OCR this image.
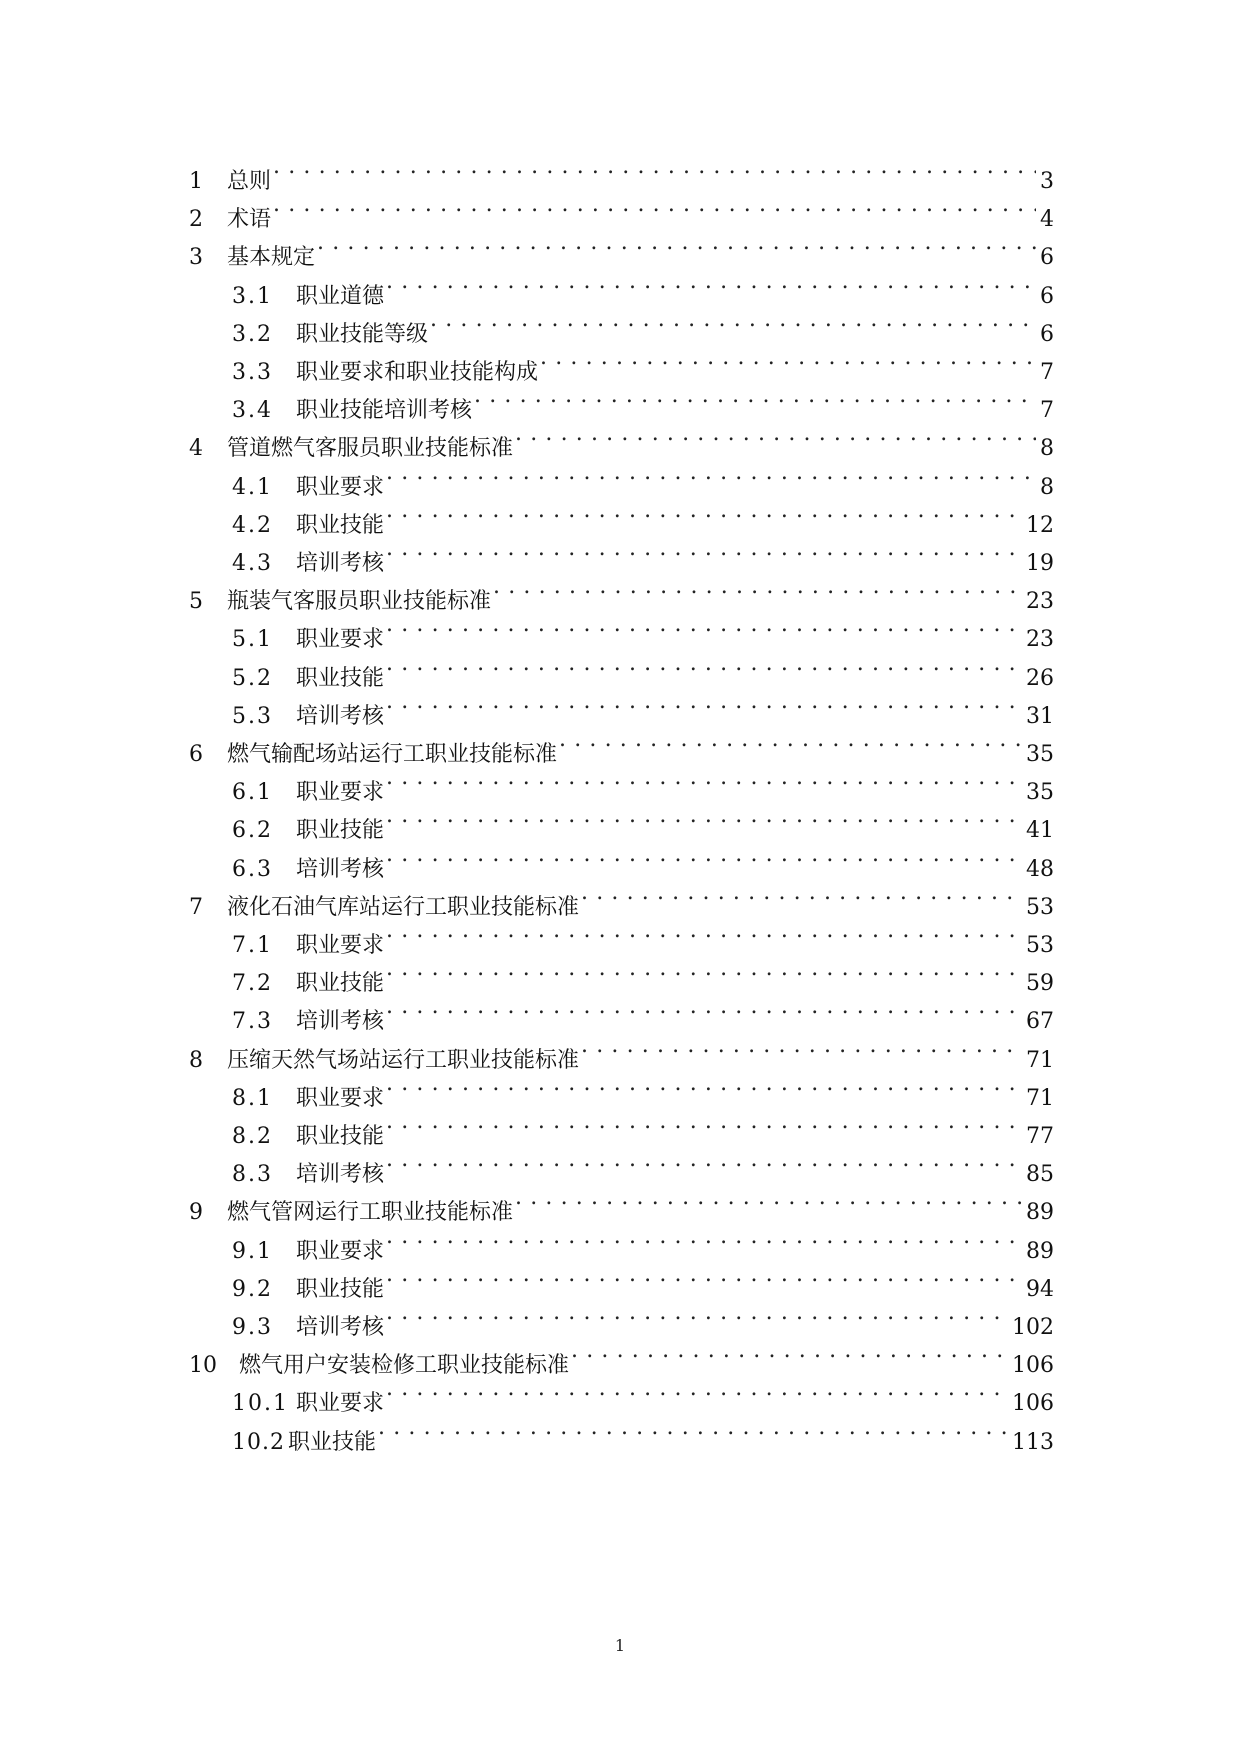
1	总则 . . .	3
2	术语 . . .	4
3	基本规定 . . .	6
3.1	职业道德 . . .	6
3.2	职业技能等级 . . .	6
3.3	职业要求和职业技能构成 . . .	7
3.4	职业技能培训考核 . . .	7
4	管道燃气客服员职业技能标准 . . .	8
4.1	职业要求 . . .	8
4.2	职业技能 . . .	12
4.3	培训考核 . . .	19
5	瓶装气客服员职业技能标准 . . .	23
5.1	职业要求 . . .	23
5.2	职业技能 . . .	26
5.3	培训考核 . . .	31
6	燃气输配场站运行工职业技能标准 . . .	35
6.1	职业要求 . . .	35
6.2	职业技能 . . .	41
6.3	培训考核 . . .	48
7	液化石油气库站运行工职业技能标准 . . .	53
7.1	职业要求 . . .	53
7.2	职业技能 . . .	59
7.3	培训考核 . . .	67
8	压缩天然气场站运行工职业技能标准 . . .	71
8.1	职业要求 . . .	71
8.2	职业技能 . . .	77
8.3	培训考核 . . .	85
9	燃气管网运行工职业技能标准 . . .	89
9.1	职业要求 . . .	89
9.2	职业技能 . . .	94
9.3	培训考核 . . .	102
10	燃气用户安装检修工职业技能标准 . . .	106
10.1 职业要求 . . .	106
10.2 职业技能 . . .	113
1
